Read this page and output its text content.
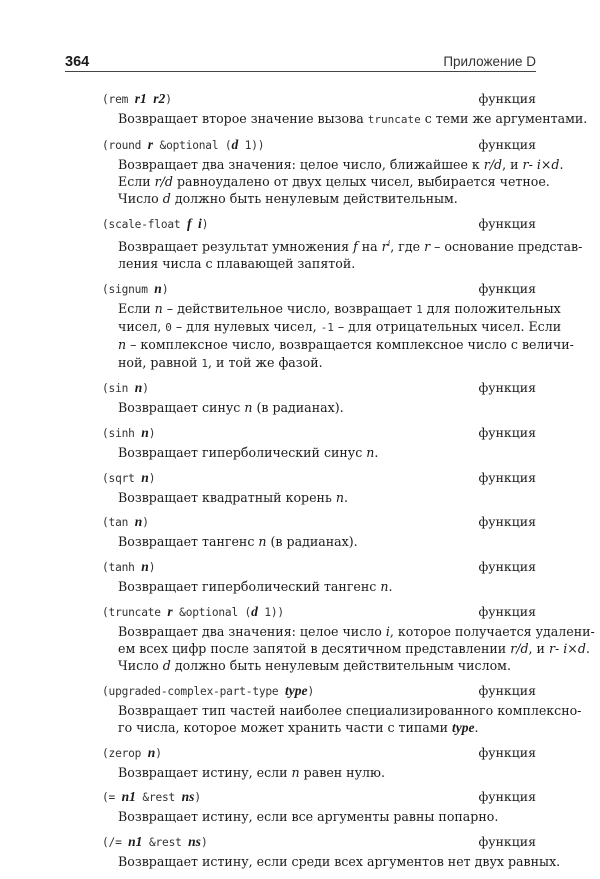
364	Приложение D
(rem r1 r2)	функция
Возвращает второе значение вызова truncate с теми же аргументами.
(round r &optional (d 1))	функция
Возвращает два значения: целое число, ближайшее к r/d, и r- i×d.
Если r/d равноудалено от двух целых чисел, выбирается четное.
Число d должно быть ненулевым действительным.
(scale-float f i)	функция
Возвращает результат умножения f на $r^i$, где r – основание представ-
ления числа с плавающей запятой.
(signum n)	функция
Если n – действительное число, возвращает 1 для положительных
чисел, 0 – для нулевых чисел, -1 – для отрицательных чисел. Если
n – комплексное число, возвращается комплексное число с величи-
ной, равной 1, и той же фазой.
(sin n)	функция
Возвращает синус n (в радианах).
(sinh n)	функция
Возвращает гиперболический синус n.
(sqrt n)	функция
Возвращает квадратный корень n.
(tan n)	функция
Возвращает тангенс n (в радианах).
(tanh n)	функция
Возвращает гиперболический тангенс n.
(truncate r &optional (d 1))	функция
Возвращает два значения: целое число i, которое получается удалени-
ем всех цифр после запятой в десятичном представлении r/d, и r- i×d.
Число d должно быть ненулевым действительным числом.
(upgraded-complex-part-type type)	функция
Возвращает тип частей наиболее специализированного комплексно-
го числа, которое может хранить части с типами type.
(zerop n)	функция
Возвращает истину, если n равен нулю.
(= n1 &rest ns)	функция
Возвращает истину, если все аргументы равны попарно.
(/= n1 &rest ns)	функция
Возвращает истину, если среди всех аргументов нет двух равных.
